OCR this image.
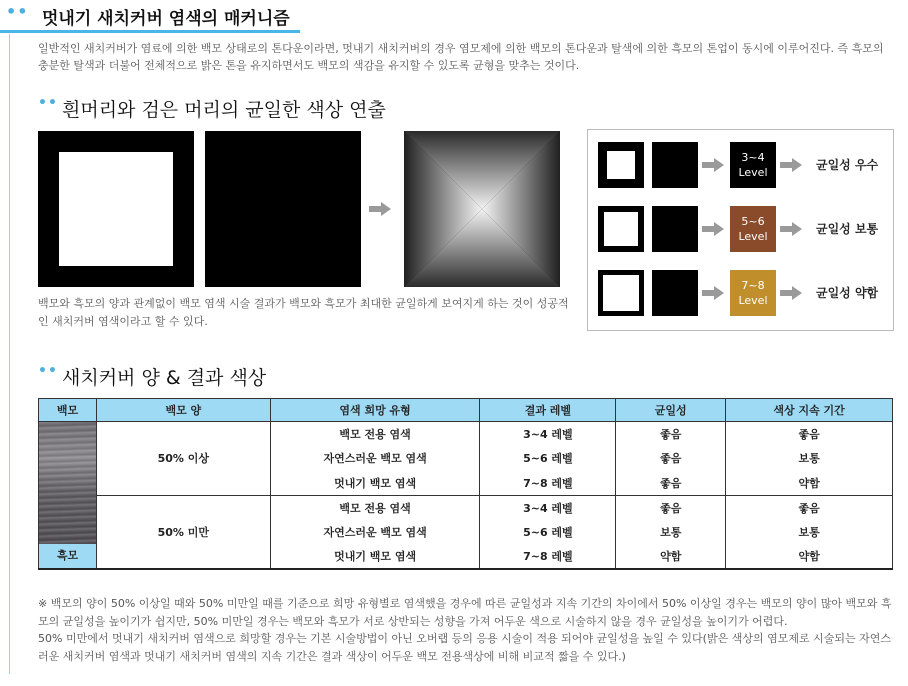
•• 멋내기 새치커버 염색의 매커니즘

일반적인 새치커버가 염료에 의한 백모 상태로의 톤다운이라면, 멋내기 새치커버의 경우 염모제에 의한 백모의 톤다운과 탈색에 의한 흑모의 톤업이 동시에 이루어진다. 즉 흑모의 충분한 탈색과 더불어 전체적으로 밝은 톤을 유지하면서도 백모의 색감을 유지할 수 있도록 균형을 맞추는 것이다.

•• 흰머리와 검은 머리의 균일한 색상 연출

백모와 흑모의 양과 관계없이 백모 염색 시술 결과가 백모와 흑모가 최대한 균일하게 보여지게 하는 것이 성공적인 새치커버 염색이라고 할 수 있다.

3~4
Level
균일성 우수
5~6
Level
균일성 보통
7~8
Level
균일성 약함
•• 새치커버 양 & 결과 색상
백모	백모 양	염색 희망 유형	결과 레벨	균일성	색상 지속 기간

흑모	50% 이상	백모 전용 염색	3~4 레벨	좋음	좋음
		자연스러운 백모 염색	5~6 레벨	좋음	보통
		멋내기 백모 염색	7~8 레벨	좋음	약함
	50% 미만	백모 전용 염색	3~4 레벨	좋음	좋음
		자연스러운 백모 염색	5~6 레벨	보통	보통
		멋내기 백모 염색	7~8 레벨	약함	약함

※ 백모의 양이 50% 이상일 때와 50% 미만일 때를 기준으로 희망 유형별로 염색했을 경우에 따른 균일성과 지속 기간의 차이에서 50% 이상일 경우는 백모의 양이 많아 백모와 흑모의 균일성을 높이기가 쉽지만, 50% 미만일 경우는 백모와 흑모가 서로 상반되는 성향을 가져 어두운 색으로 시술하지 않을 경우 균일성을 높이기가 어렵다.

50% 미만에서 멋내기 새치커버 염색으로 희망할 경우는 기본 시술방법이 아닌 오버랩 등의 응용 시술이 적용 되어야 균일성을 높일 수 있다(밝은 색상의 염모제로 시술되는 자연스러운 새치커버 염색과 멋내기 새치커버 염색의 지속 기간은 결과 색상이 어두운 백모 전용색상에 비해 비교적 짧을 수 있다.)
